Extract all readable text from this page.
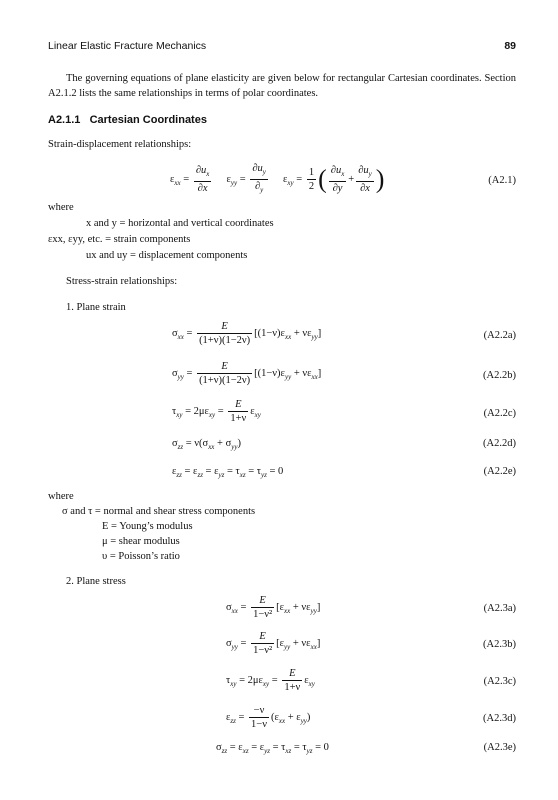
Linear Elastic Fracture Mechanics	89
The governing equations of plane elasticity are given below for rectangular Cartesian coordinates. Section A2.1.2 lists the same relationships in terms of polar coordinates.
A2.1.1 Cartesian Coordinates
Strain-displacement relationships:
$\varepsilon_{xx} = \frac{\partial u_x}{\partial x} \varepsilon_{yy} = \frac{\partial u_y}{\partial_y} \varepsilon_{xy} = \frac{1}{2}$ ( $\frac{\partial u_x}{\partial y} + \frac{\partial u_y}{\partial x}$ )	(A2.1)
where
x and y = horizontal and vertical coordinates
εxx, εyy, etc. = strain components
ux and uy = displacement components
Stress-strain relationships:
1. Plane strain
$\sigma_{xx} = \frac{E}{(1+\nu)(1-2\nu)} [(1-\nu)\varepsilon_{xx} + \nu\varepsilon_{yy}]$	(A2.2a)
$\sigma_{yy} = \frac{E}{(1+\nu)(1-2\nu)} [(1-\nu)\varepsilon_{yy} + \nu\varepsilon_{xx}]$	(A2.2b)
$\tau_{xy} = 2\mu\varepsilon_{xy} = \frac{E}{1+\nu} \varepsilon_{xy}$	(A2.2c)
$\sigma_{zz} = \nu(\sigma_{xx} + \sigma_{yy})$	(A2.2d)
$\varepsilon_{zz} = \varepsilon_{zz} = \varepsilon_{yz} = \tau_{xz} = \tau_{yz} = 0$	(A2.2e)
where
σ and τ = normal and shear stress components
E = Young’s modulus
μ = shear modulus
υ = Poisson’s ratio
2. Plane stress
$\sigma_{xx} = \frac{E}{\text{1−ν²}} [\varepsilon_{xx} + \nu\varepsilon_{yy}]$	(A2.3a)
$\sigma_{yy} = \frac{E}{\text{1−ν²}} [\varepsilon_{yy} + \nu\varepsilon_{xx}]$	(A2.3b)
$\tau_{xy} = 2\mu\varepsilon_{xy} = \frac{E}{1+\nu} \varepsilon_{xy}$	(A2.3c)
$\varepsilon_{zz} = \frac{-\nu}{1-\nu} (\varepsilon_{xx} + \varepsilon_{yy})$	(A2.3d)
$\sigma_{zz} = \varepsilon_{xz} = \varepsilon_{yz} = \tau_{xz} = \tau_{yz} = 0$	(A2.3e)
